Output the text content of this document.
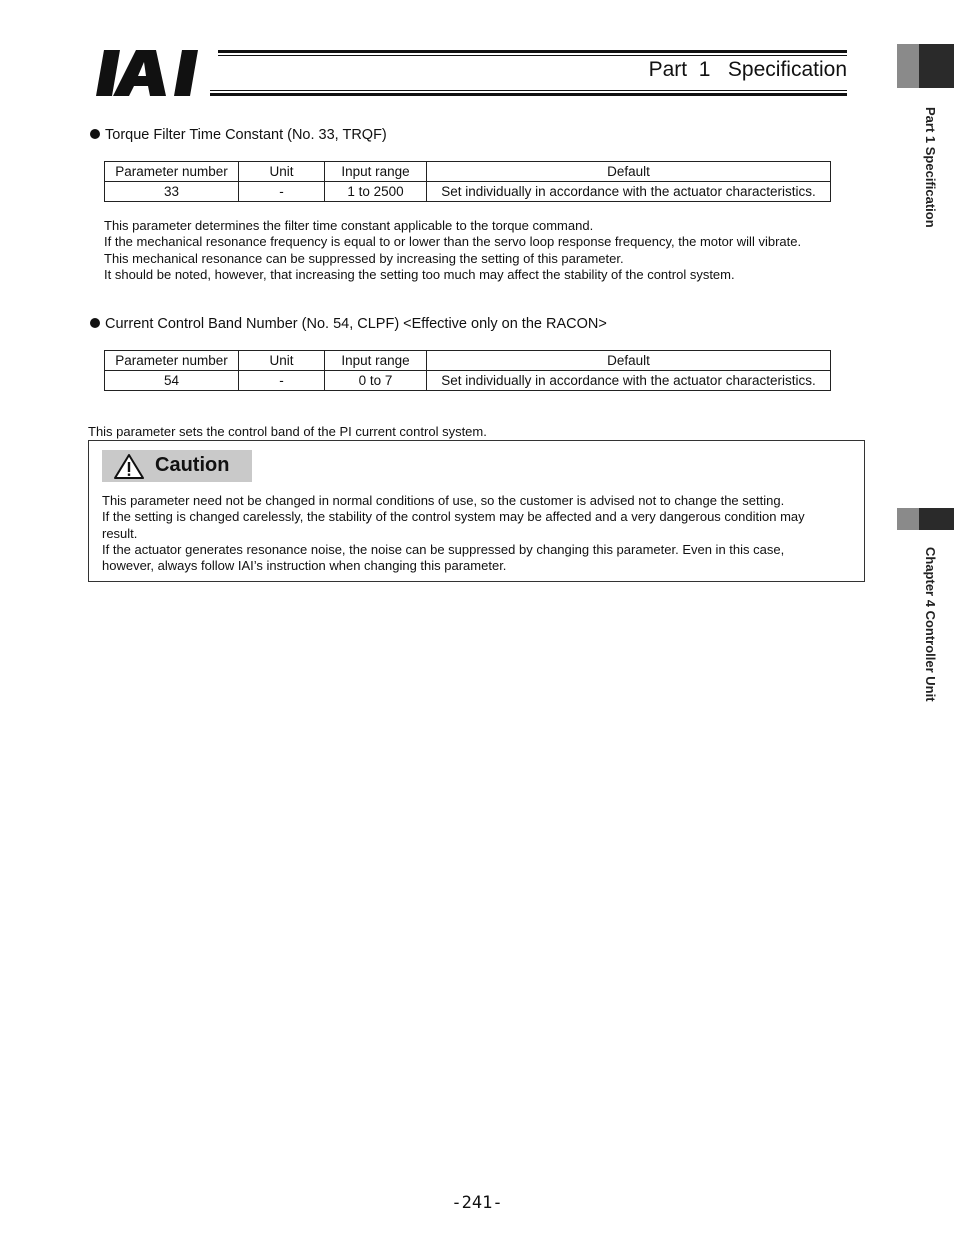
Part  1   Specification
Part 1 Specification
Chapter 4 Controller Unit
Torque Filter Time Constant (No. 33, TRQF)
Parameter number	Unit	Input range	Default
33	-	1 to 2500	Set individually in accordance with the actuator characteristics.

This parameter determines the filter time constant applicable to the torque command.

If the mechanical resonance frequency is equal to or lower than the servo loop response frequency, the motor will vibrate.

This mechanical resonance can be suppressed by increasing the setting of this parameter.

It should be noted, however, that increasing the setting too much may affect the stability of the control system.

Current Control Band Number (No. 54, CLPF) <Effective only on the RACON>
Parameter number	Unit	Input range	Default
54	-	0 to 7	Set individually in accordance with the actuator characteristics.
This parameter sets the control band of the PI current control system.
Caution

This parameter need not be changed in normal conditions of use, so the customer is advised not to change the setting.

If the setting is changed carelessly, the stability of the control system may be affected and a very dangerous condition may

result.

If the actuator generates resonance noise, the noise can be suppressed by changing this parameter. Even in this case,

however, always follow IAI’s instruction when changing this parameter.

-241-
